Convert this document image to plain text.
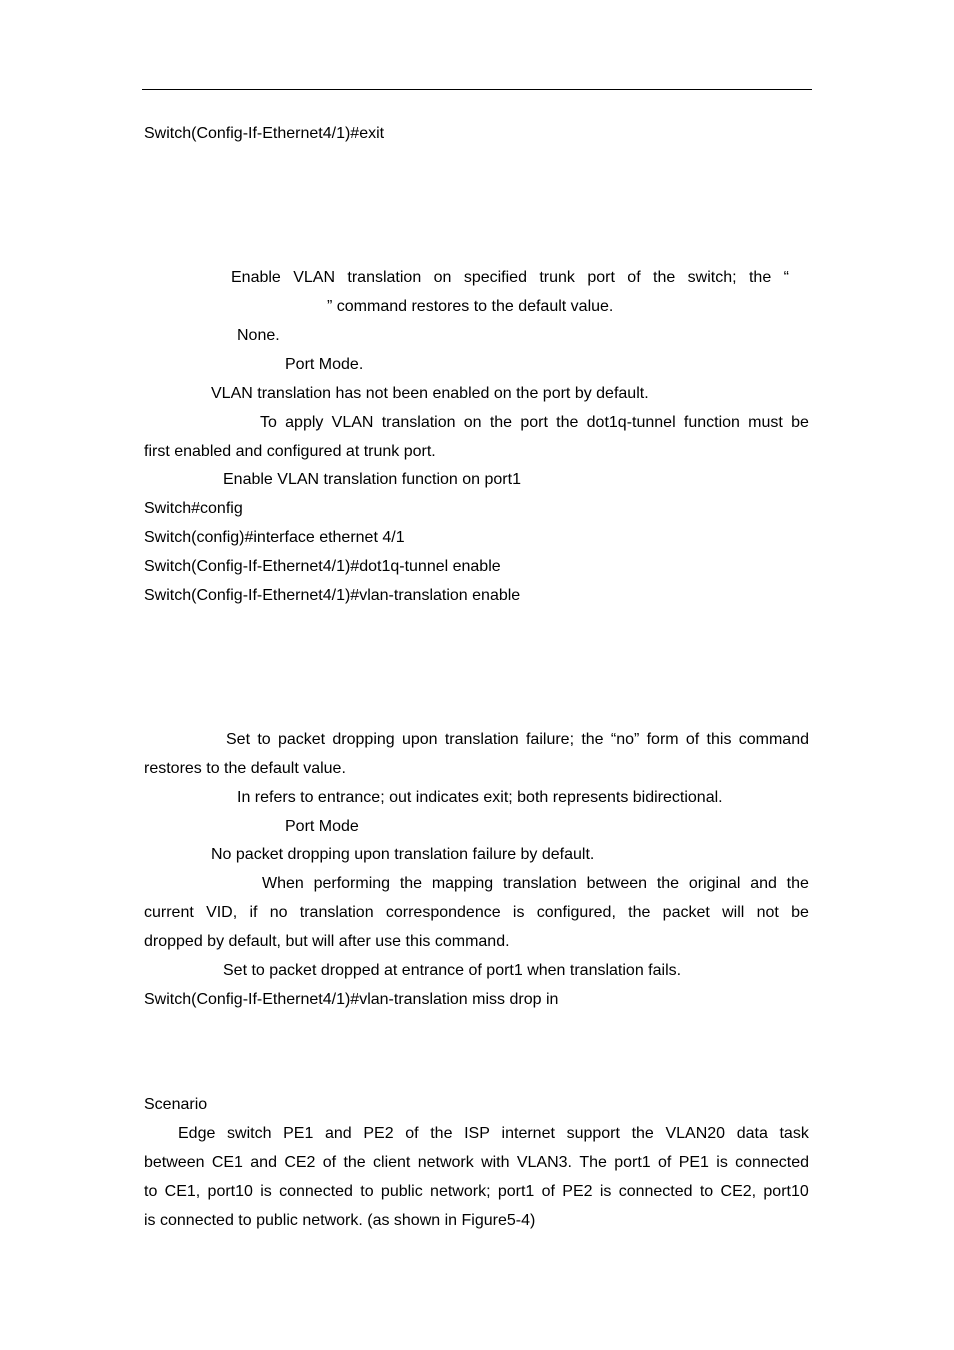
Switch(Config-If-Ethernet4/1)#exit
Enable VLAN translation on specified trunk port of the switch; the “
” command restores to the default value.
None.
Port Mode.
VLAN translation has not been enabled on the port by default.
To apply VLAN translation on the port the dot1q-tunnel function must be
first enabled and configured at trunk port.
Enable VLAN translation function on port1
Switch#config
Switch(config)#interface ethernet 4/1
Switch(Config-If-Ethernet4/1)#dot1q-tunnel enable
Switch(Config-If-Ethernet4/1)#vlan-translation enable
Set to packet dropping upon translation failure; the “no” form of this command
restores to the default value.
In refers to entrance; out indicates exit; both represents bidirectional.
Port Mode
No packet dropping upon translation failure by default.
When performing the mapping translation between the original and the
current VID, if no translation correspondence is configured, the packet will not be
dropped by default, but will after use this command.
Set to packet dropped at entrance of port1 when translation fails.
Switch(Config-If-Ethernet4/1)#vlan-translation miss drop in
Scenario
Edge switch PE1 and PE2 of the ISP internet support the VLAN20 data task
between CE1 and CE2 of the client network with VLAN3. The port1 of PE1 is connected
to CE1, port10 is connected to public network; port1 of PE2 is connected to CE2, port10
is connected to public network. (as shown in Figure5-4)
